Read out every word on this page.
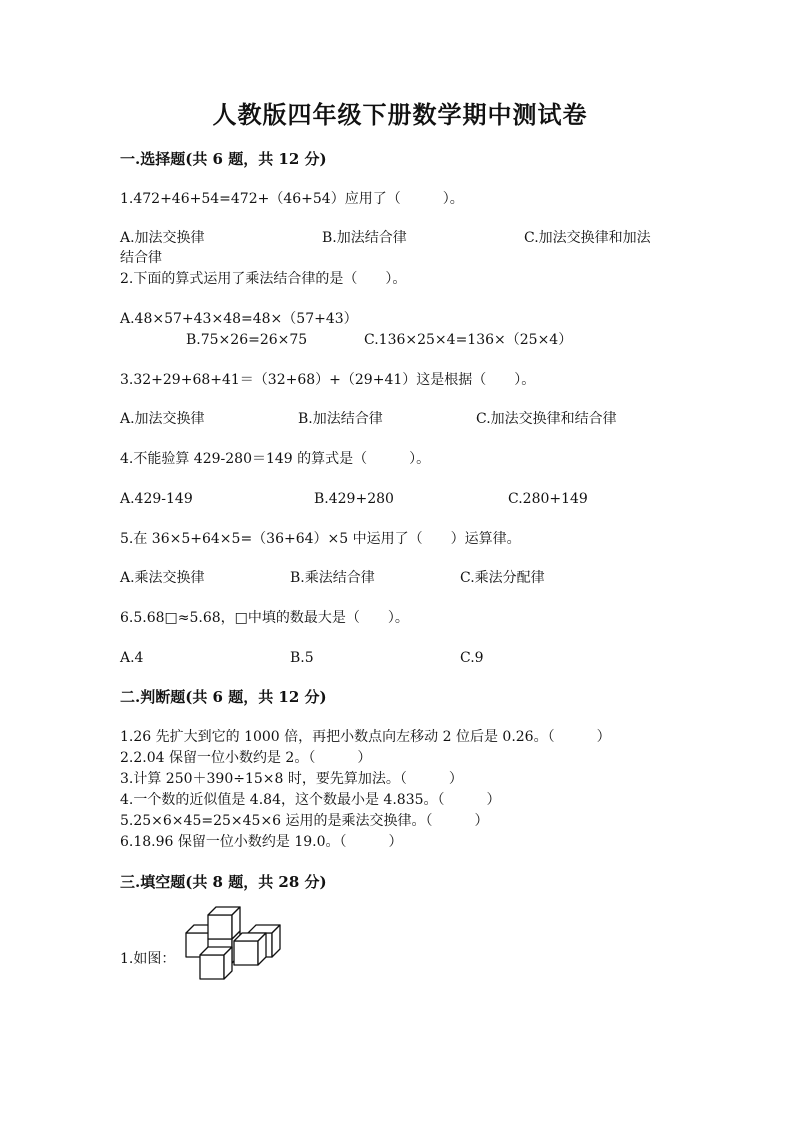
人教版四年级下册数学期中测试卷
一.选择题(共 6 题，共 12 分)
1.472+46+54=472+（46+54）应用了（　　　）。
A.加法交换律	B.加法结合律	C.加法交换律和加法
结合律
2.下面的算式运用了乘法结合律的是（　　）。
A.48×57+43×48=48×（57+43）
B.75×26=26×75	C.136×25×4=136×（25×4）
3.32+29+68+41＝（32+68）+（29+41）这是根据（　　）。
A.加法交换律	B.加法结合律	C.加法交换律和结合律
4.不能验算 429-280＝149 的算式是（　　　）。
A.429-149	B.429+280	C.280+149
5.在 36×5+64×5=（36+64）×5 中运用了（　　）运算律。
A.乘法交换律	B.乘法结合律	C.乘法分配律
6.5.68□≈5.68，□中填的数最大是（　　）。
A.4	B.5	C.9
二.判断题(共 6 题，共 12 分)
1.26 先扩大到它的 1000 倍，再把小数点向左移动 2 位后是 0.26。（　　　）
2.2.04 保留一位小数约是 2。（　　　）
3.计算 250＋390÷15×8 时，要先算加法。（　　　）
4.一个数的近似值是 4.84，这个数最小是 4.835。（　　　）
5.25×6×45=25×45×6 运用的是乘法交换律。（　　　）
6.18.96 保留一位小数约是 19.0。（　　　）
三.填空题(共 8 题，共 28 分)
1.如图：
